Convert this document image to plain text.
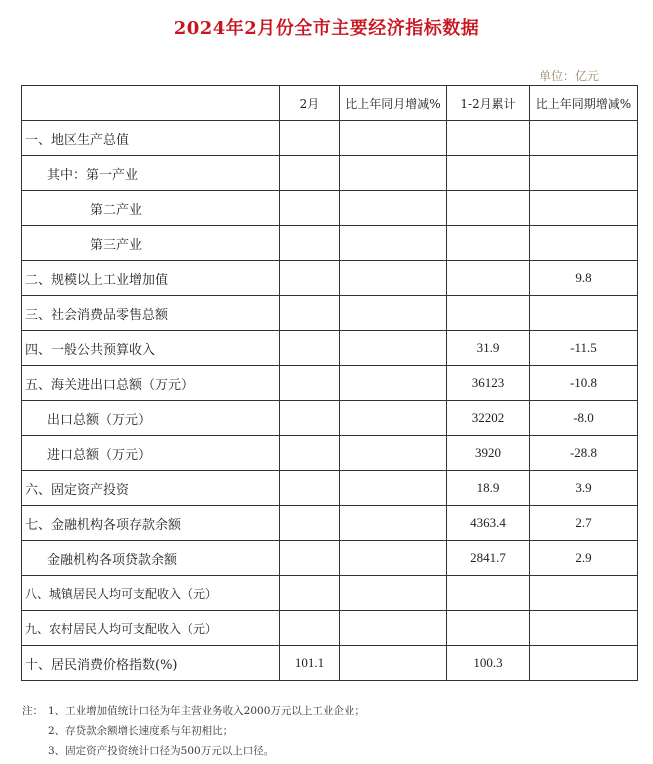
2024年2月份全市主要经济指标数据
单位：亿元
	2月	比上年同月增减%	1-2月累计	比上年同期增减%
一、地区生产总值				
其中：第一产业				
第二产业				
第三产业				
二、规模以上工业增加值				9.8
三、社会消费品零售总额				
四、一般公共预算收入			31.9	-11.5
五、海关进出口总额（万元）			36123	-10.8
出口总额（万元）			32202	-8.0
进口总额（万元）			3920	-28.8
六、固定资产投资			18.9	3.9
七、金融机构各项存款余额			4363.4	2.7
金融机构各项贷款余额			2841.7	2.9
八、城镇居民人均可支配收入（元）				
九、农村居民人均可支配收入（元）				
十、居民消费价格指数(%)	101.1		100.3	
注： 1、工业增加值统计口径为年主营业务收入2000万元以上工业企业；
2、存贷款余额增长速度系与年初相比；
3、固定资产投资统计口径为500万元以上口径。
